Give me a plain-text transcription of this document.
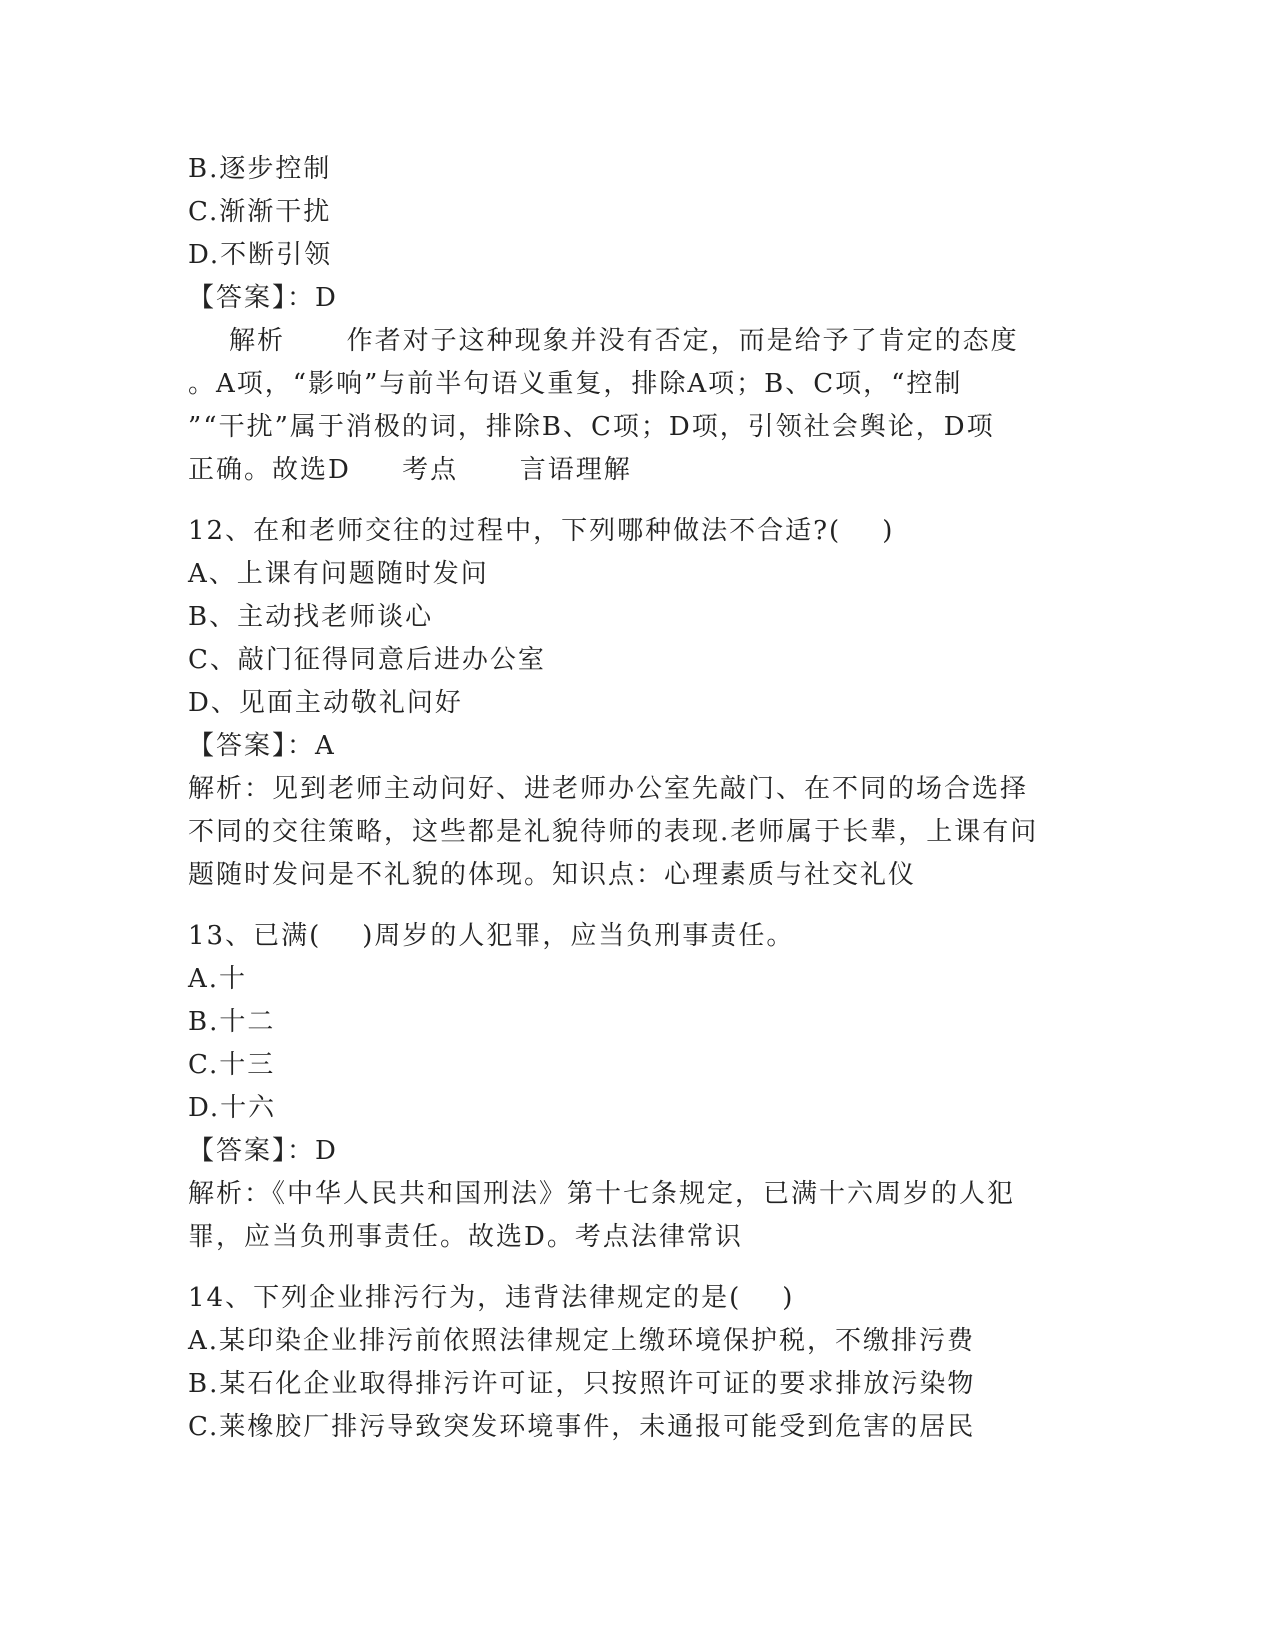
B.逐步控制
C.渐渐干扰
D.不断引领
【答案】：D
解析      作者对子这种现象并没有否定，而是给予了肯定的态度
。A项，“影响”与前半句语义重复，排除A项；B、C项，“控制
”“干扰”属于消极的词，排除B、C项；D项，引领社会舆论，D项
正确。故选D     考点      言语理解
12、在和老师交往的过程中，下列哪种做法不合适?(    )
A、上课有问题随时发问
B、主动找老师谈心
C、敲门征得同意后进办公室
D、见面主动敬礼问好
【答案】：A
解析：见到老师主动问好、进老师办公室先敲门、在不同的场合选择
不同的交往策略，这些都是礼貌待师的表现.老师属于长辈，上课有问
题随时发问是不礼貌的体现。知识点：心理素质与社交礼仪
13、已满(    )周岁的人犯罪，应当负刑事责任。
A.十
B.十二
C.十三
D.十六
【答案】：D
解析：《中华人民共和国刑法》第十七条规定，已满十六周岁的人犯
罪，应当负刑事责任。故选D。考点法律常识
14、下列企业排污行为，违背法律规定的是(    )
A.某印染企业排污前依照法律规定上缴环境保护税，不缴排污费
B.某石化企业取得排污许可证，只按照许可证的要求排放污染物
C.莱橡胶厂排污导致突发环境事件，未通报可能受到危害的居民
